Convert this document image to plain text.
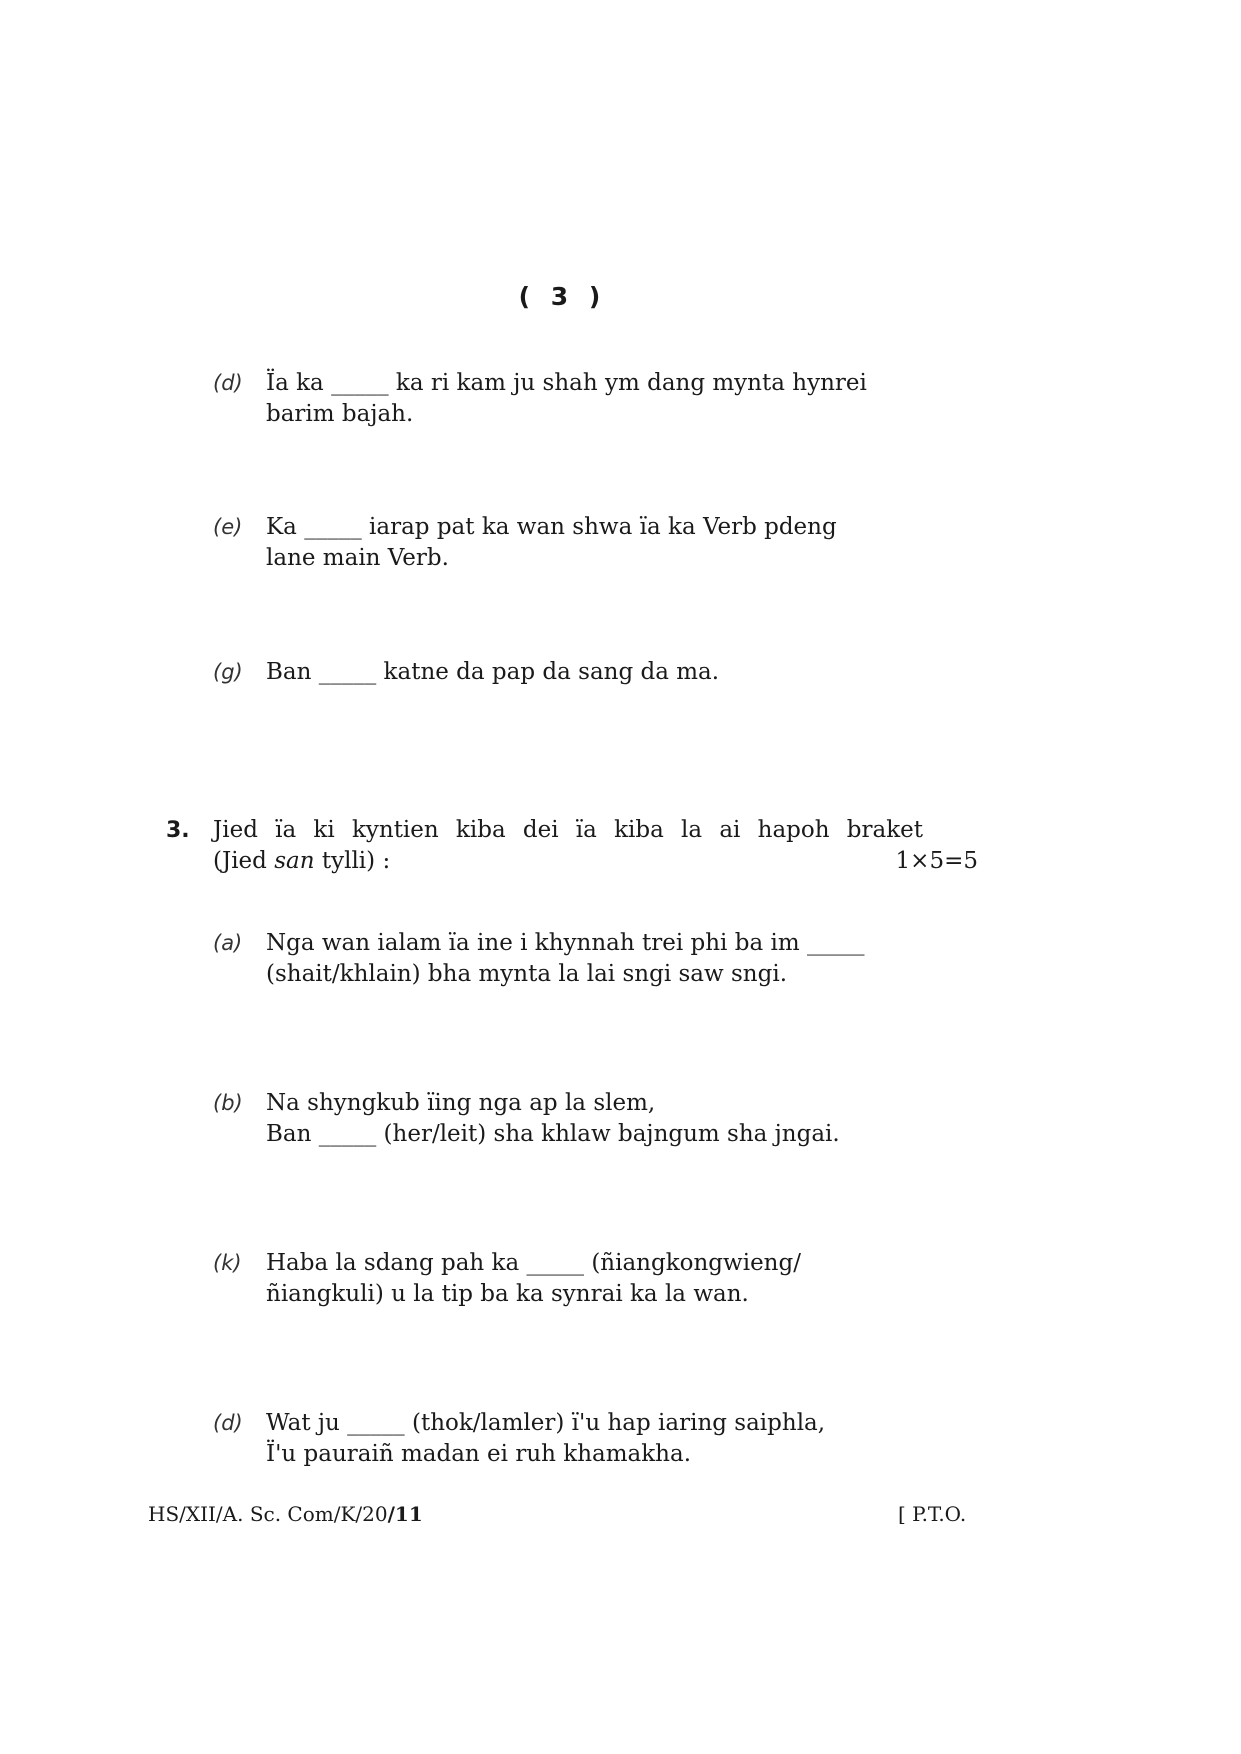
( 3 )
(d) Ïa ka _____ ka ri kam ju shah ym dang mynta hynrei
barim bajah.
(e) Ka _____ iarap pat ka wan shwa ïa ka Verb pdeng
lane main Verb.
(g) Ban _____ katne da pap da sang da ma.
3. Jied ïa ki kyntien kiba dei ïa kiba la ai hapoh braket
(Jied san tylli) :	1×5=5
(a) Nga wan ialam ïa ine i khynnah trei phi ba im _____
(shait/khlain) bha mynta la lai sngi saw sngi.
(b) Na shyngkub ïing nga ap la slem,
Ban _____ (her/leit) sha khlaw bajngum sha jngai.
(k) Haba la sdang pah ka _____ (ñiangkongwieng/
ñiangkuli) u la tip ba ka synrai ka la wan.
(d) Wat ju _____ (thok/lamler) ï'u hap iaring saiphla,
Ï'u paurаiñ madan ei ruh khamakha.
HS/XII/A. Sc. Com/K/20/11	[ P.T.O.
